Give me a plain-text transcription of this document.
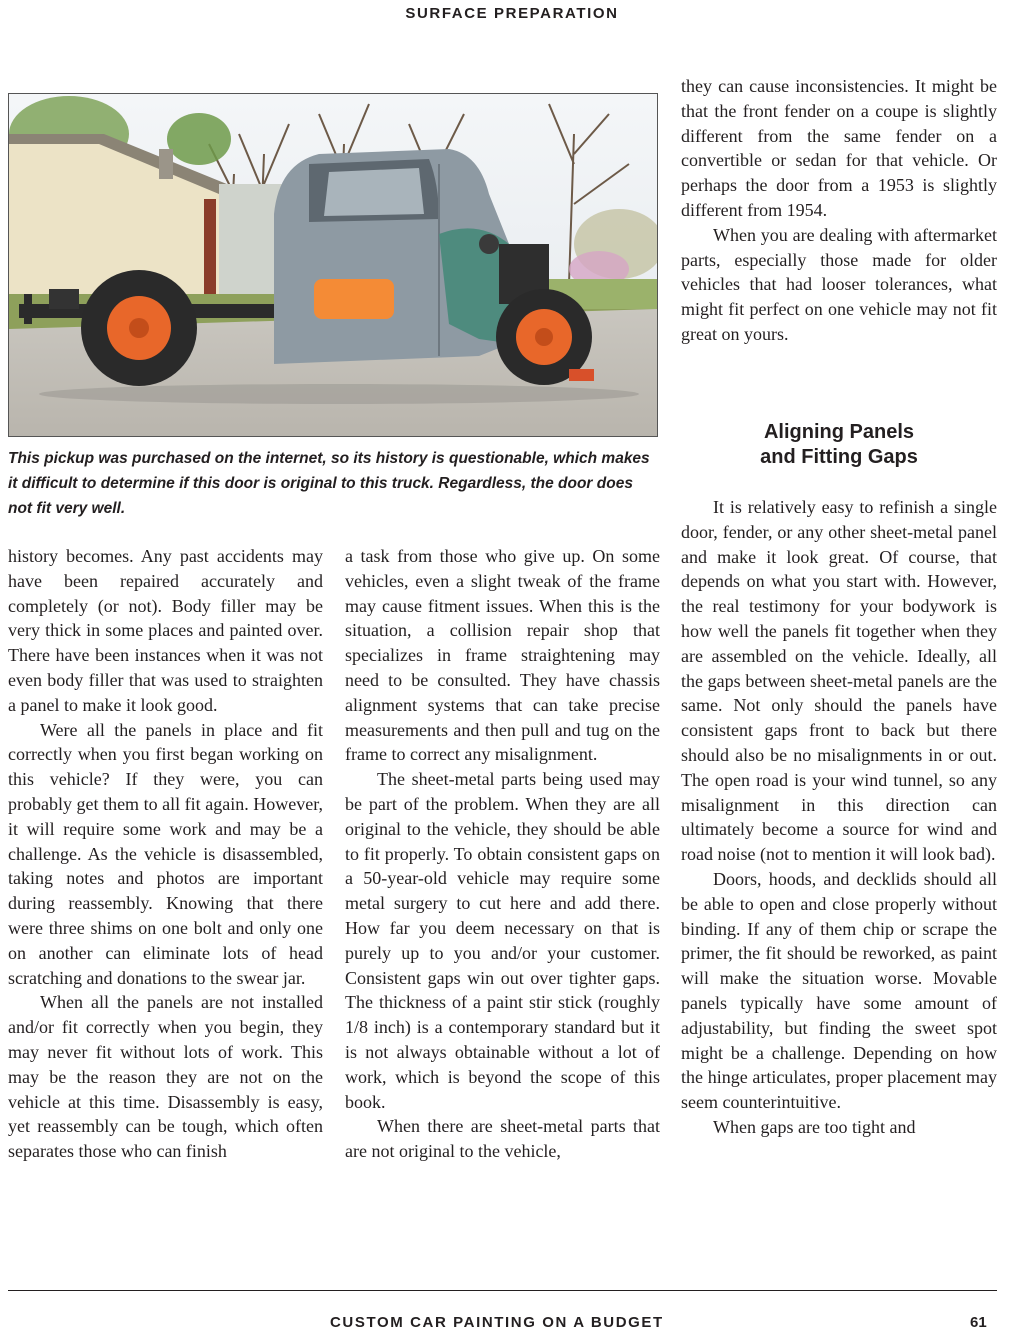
SURFACE PREPARATION

This pickup was purchased on the internet, so its history is questionable, which makes it difficult to determine if this door is original to this truck. Regardless, the door does not fit very well.

history becomes. Any past accidents may have been repaired accurately and completely (or not). Body filler may be very thick in some places and painted over. There have been instances when it was not even body filler that was used to straighten a panel to make it look good.

Were all the panels in place and fit correctly when you first began working on this vehicle? If they were, you can probably get them to all fit again. However, it will require some work and may be a challenge. As the vehicle is disassembled, taking notes and photos are important during reassembly. Knowing that there were three shims on one bolt and only one on another can eliminate lots of head scratching and donations to the swear jar.

When all the panels are not installed and/or fit correctly when you begin, they may never fit without lots of work. This may be the reason they are not on the vehicle at this time. Disassembly is easy, yet reassembly can be tough, which often separates those who can finish

a task from those who give up. On some vehicles, even a slight tweak of the frame may cause fitment issues. When this is the situation, a collision repair shop that specializes in frame straightening may need to be consulted. They have chassis alignment systems that can take precise measurements and then pull and tug on the frame to correct any misalignment.

The sheet-metal parts being used may be part of the problem. When they are all original to the vehicle, they should be able to fit properly. To obtain consistent gaps on a 50-year-old vehicle may require some metal surgery to cut here and add there. How far you deem necessary on that is purely up to you and/or your customer. Consistent gaps win out over tighter gaps. The thickness of a paint stir stick (roughly 1/8 inch) is a contemporary standard but it is not always obtainable without a lot of work, which is beyond the scope of this book.

When there are sheet-metal parts that are not original to the vehicle,

they can cause inconsistencies. It might be that the front fender on a coupe is slightly different from the same fender on a convertible or sedan for that vehicle. Or perhaps the door from a 1953 is slightly different from 1954.

When you are dealing with aftermarket parts, especially those made for older vehicles that had looser tolerances, what might fit perfect on one vehicle may not fit great on yours.

Aligning Panels
and Fitting Gaps

It is relatively easy to refinish a single door, fender, or any other sheet-metal panel and make it look great. Of course, that depends on what you start with. However, the real testimony for your bodywork is how well the panels fit together when they are assembled on the vehicle. Ideally, all the gaps between sheet-metal panels are the same. Not only should the panels have consistent gaps front to back but there should also be no misalignments in or out. The open road is your wind tunnel, so any misalignment in this direction can ultimately become a source for wind and road noise (not to mention it will look bad).

Doors, hoods, and decklids should all be able to open and close properly without binding. If any of them chip or scrape the primer, the fit should be reworked, as paint will make the situation worse. Movable panels typically have some amount of adjustability, but finding the sweet spot might be a challenge. Depending on how the hinge articulates, proper placement may seem counterintuitive.

When gaps are too tight and

CUSTOM CAR PAINTING ON A BUDGET	61
